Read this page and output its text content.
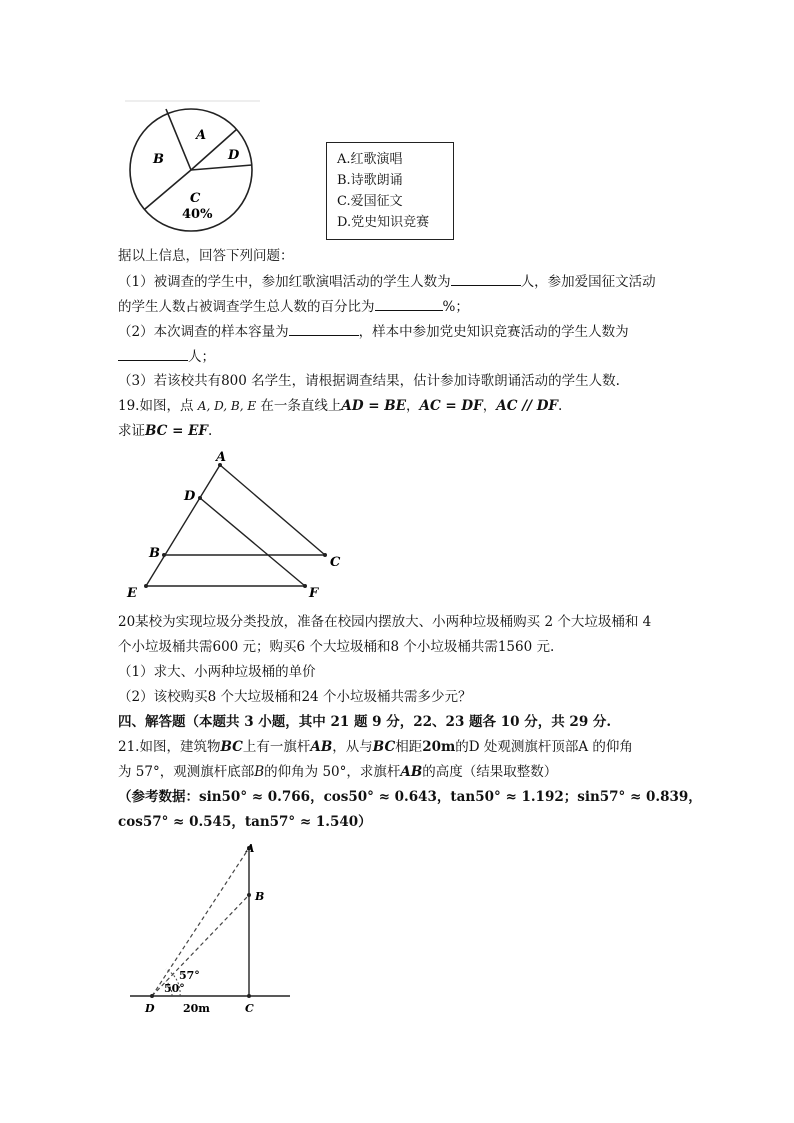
A
B
C
D
40%
A.红歌演唱
B.诗歌朗诵
C.爱国征文
D.党史知识竞赛
据以上信息，回答下列问题：
（1）被调查的学生中，参加红歌演唱活动的学生人数为	人，参加爱国征文活动
的学生人数占被调查学生总人数的百分比为	%；
（2）本次调查的样本容量为	，样本中参加党史知识竞赛活动的学生人数为
人；
（3）若该校共有800 名学生，请根据调查结果，估计参加诗歌朗诵活动的学生人数.
19.如图，点 A, D, B, E 在一条直线上AD = BE，AC = DF，AC // DF.
求证BC = EF.
A
D
B
C
E	F
20某校为实现垃圾分类投放，准备在校园内摆放大、小两种垃圾桶购买 2 个大垃圾桶和 4
个小垃圾桶共需600 元；购买6 个大垃圾桶和8 个小垃圾桶共需1560 元.
（1）求大、小两种垃圾桶的单价
（2）该校购买8 个大垃圾桶和24 个小垃圾桶共需多少元？
四、解答题（本题共 3 小题，其中 21 题 9 分，22、23 题各 10 分，共 29 分.
21.如图，建筑物BC上有一旗杆AB，从与BC相距20m的D 处观测旗杆顶部A 的仰角
为 57°，观测旗杆底部B的仰角为 50°，求旗杆AB的高度（结果取整数）
（参考数据：sin50° ≈ 0.766，cos50° ≈ 0.643，tan50° ≈ 1.192；sin57° ≈ 0.839，
cos57° ≈ 0.545，tan57° ≈ 1.540）
A
B
57°
50°
D	20m	C
